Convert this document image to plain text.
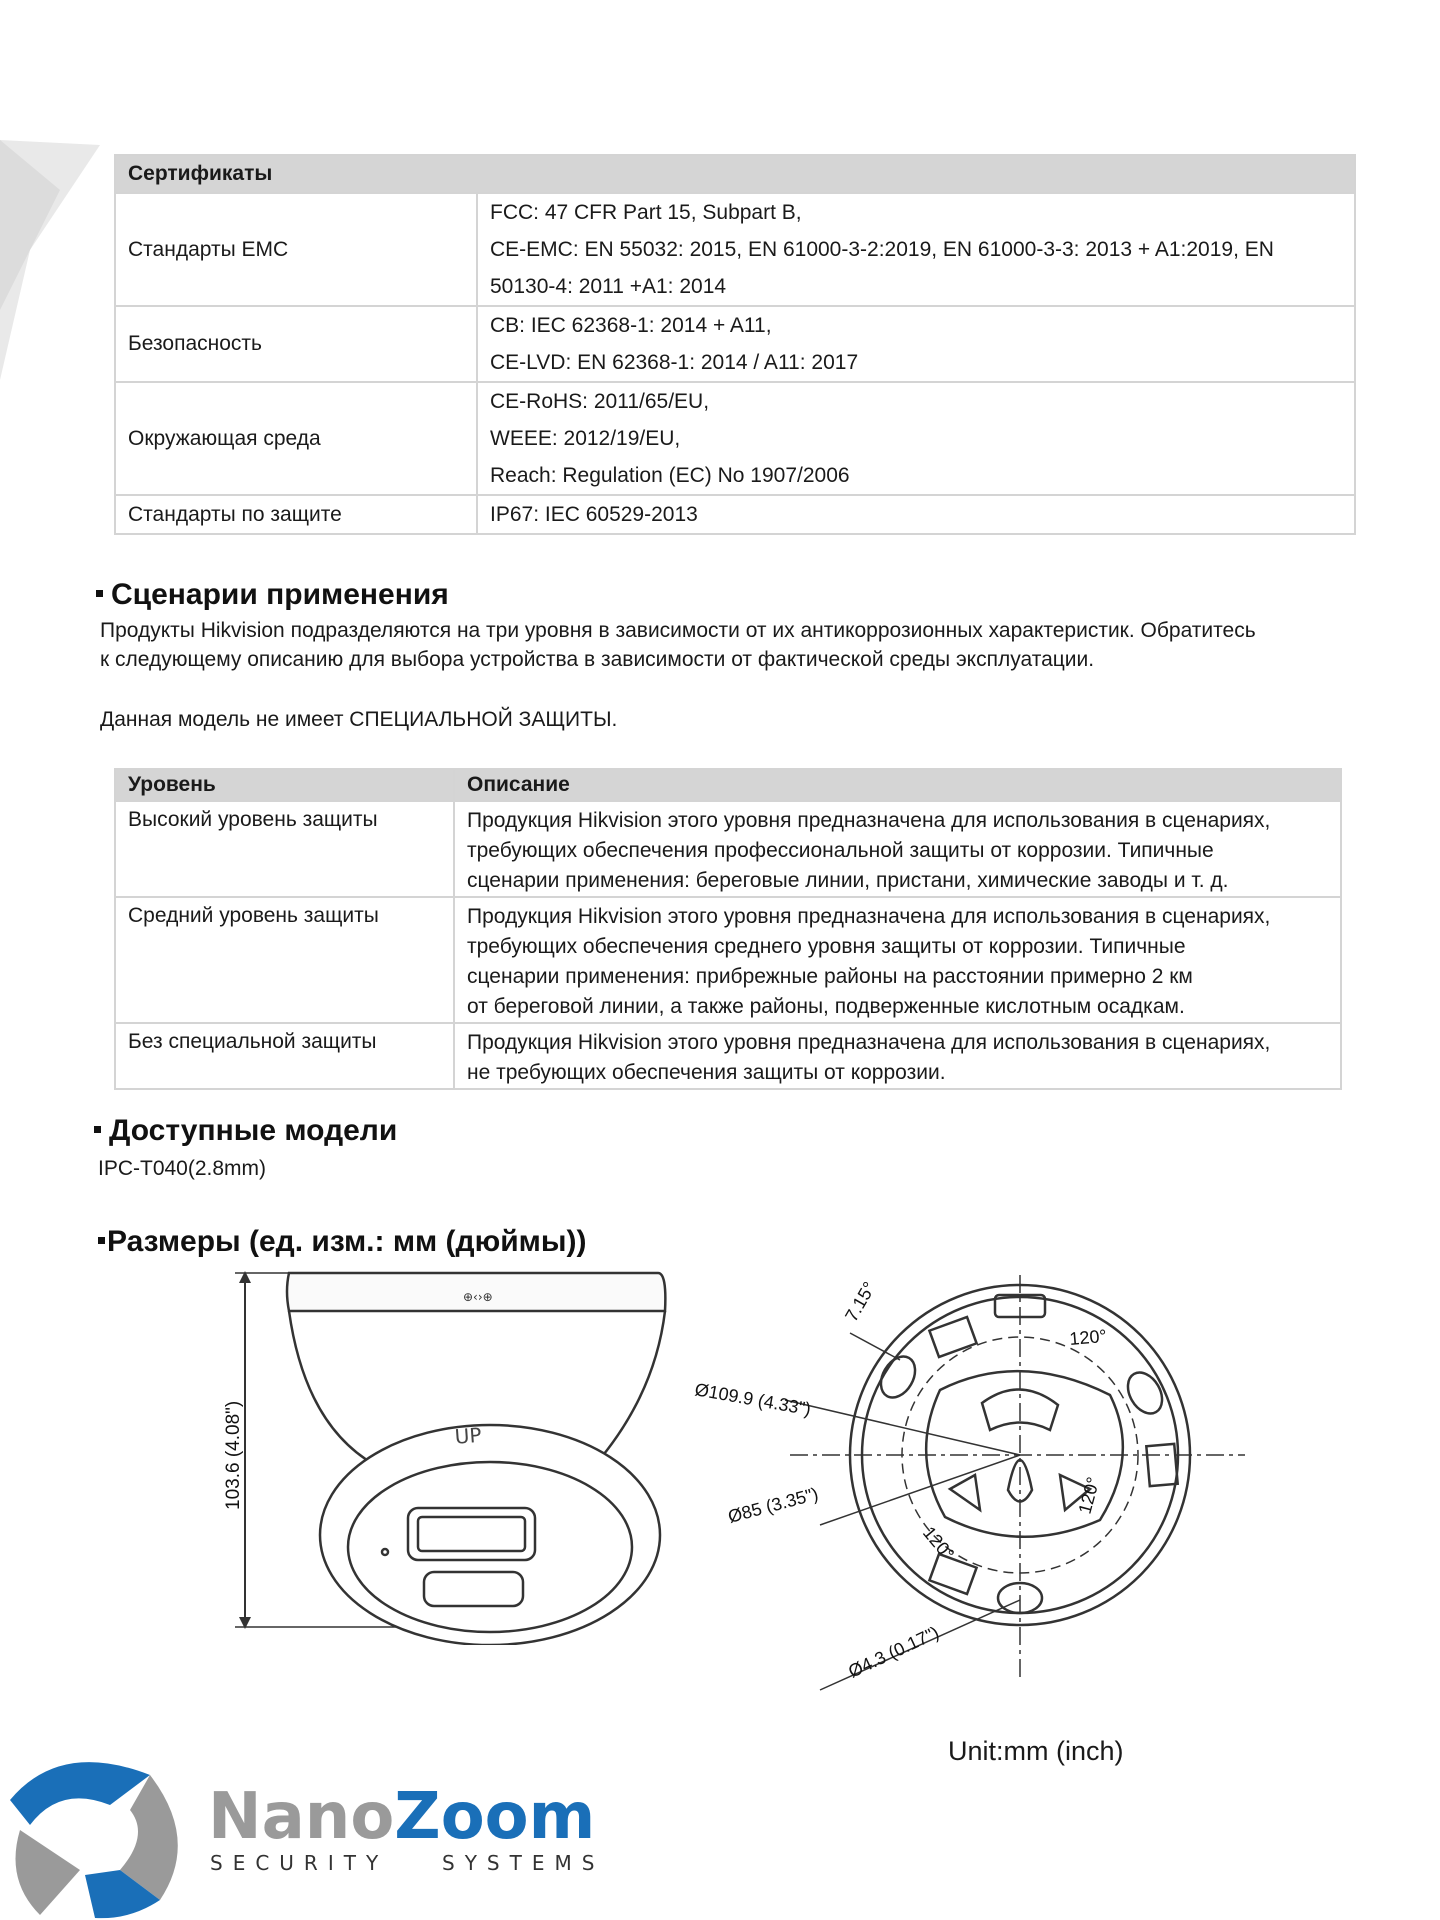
Сертификаты	
Стандарты EMC	FCC: 47 CFR Part 15, Subpart B,
CE-EMC: EN 55032: 2015, EN 61000-3-2:2019, EN 61000-3-3: 2013 + A1:2019, EN
50130-4: 2011 +A1: 2014

Безопасность	CB: IEC 62368-1: 2014 + A11,
CE-LVD: EN 62368-1: 2014 / A11: 2017

Окружающая среда	CE-RoHS: 2011/65/EU,
WEEE: 2012/19/EU,
Reach: Regulation (EC) No 1907/2006

Стандарты по защите	IP67: IEC 60529-2013
Сценарии применения
Продукты Hikvision подразделяются на три уровня в зависимости от их антикоррозионных характеристик. Обратитесь
к следующему описанию для выбора устройства в зависимости от фактической среды эксплуатации.
Данная модель не имеет СПЕЦИАЛЬНОЙ ЗАЩИТЫ.
Уровень	Описание
Высокий уровень защиты	Продукция Hikvision этого уровня предназначена для использования в сценариях,
требующих обеспечения профессиональной защиты от коррозии. Типичные
сценарии применения: береговые линии, пристани, химические заводы и т. д.

Средний уровень защиты	Продукция Hikvision этого уровня предназначена для использования в сценариях,
требующих обеспечения среднего уровня защиты от коррозии. Типичные
сценарии применения: прибрежные районы на расстоянии примерно 2 км
от береговой линии, а также районы, подверженные кислотным осадкам.

Без специальной защиты	Продукция Hikvision этого уровня предназначена для использования в сценариях,
не требующих обеспечения защиты от коррозии.
Доступные модели
IPC-T040(2.8mm)
Размеры (ед. изм.: мм (дюймы))
⊕‹›⊕
UP
103.6 (4.08")
120°
120°
120°
7.15°
Ø109.9 (4.33")
Ø85 (3.35")
Ø4.3 (0.17")
Unit:mm (inch)
NanoZoom
SECURITY	SYSTEMS
